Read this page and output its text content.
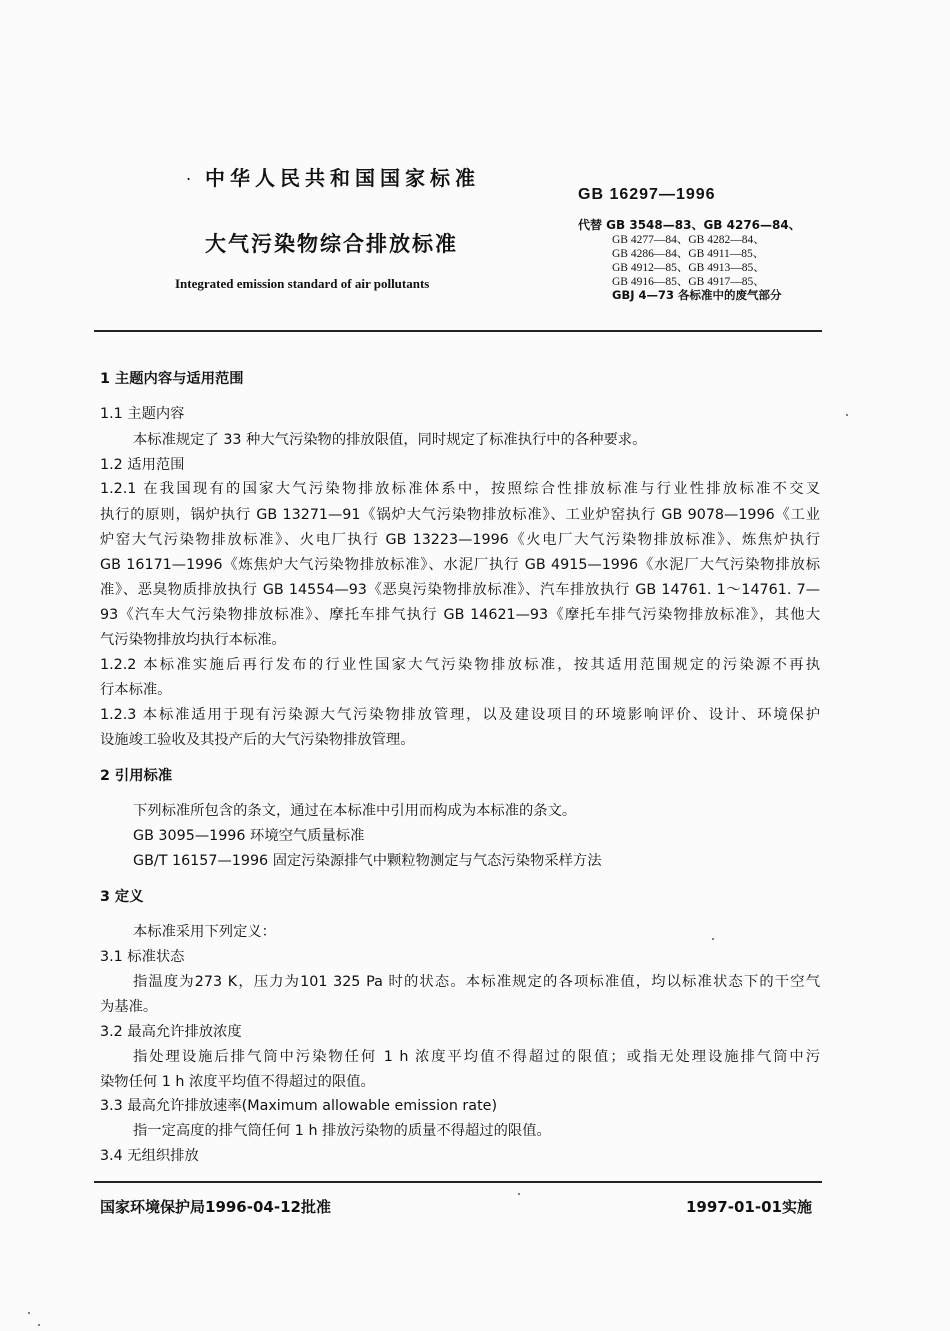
. 中华人民共和国国家标准
大气污染物综合排放标准
Integrated emission standard of air pollutants
GB 16297—1996
代替 GB 3548—83、GB 4276—84、
GB 4277—84、GB 4282—84、
GB 4286—84、GB 4911—85、
GB 4912—85、GB 4913—85、
GB 4916—85、GB 4917—85、
GBJ 4—73 各标准中的废气部分
1 主题内容与适用范围
1.1 主题内容
本标准规定了 33 种大气污染物的排放限值，同时规定了标准执行中的各种要求。
1.2 适用范围
1.2.1 在我国现有的国家大气污染物排放标准体系中，按照综合性排放标准与行业性排放标准不交叉
执行的原则，锅炉执行 GB 13271—91《锅炉大气污染物排放标准》、工业炉窑执行 GB 9078—1996《工业
炉窑大气污染物排放标准》、火电厂执行 GB 13223—1996《火电厂大气污染物排放标准》、炼焦炉执行
GB 16171—1996《炼焦炉大气污染物排放标准》、水泥厂执行 GB 4915—1996《水泥厂大气污染物排放标
准》、恶臭物质排放执行 GB 14554—93《恶臭污染物排放标准》、汽车排放执行 GB 14761. 1～14761. 7—
93《汽车大气污染物排放标准》、摩托车排气执行 GB 14621—93《摩托车排气污染物排放标准》，其他大
气污染物排放均执行本标准。
1.2.2 本标准实施后再行发布的行业性国家大气污染物排放标准，按其适用范围规定的污染源不再执
行本标准。
1.2.3 本标准适用于现有污染源大气污染物排放管理，以及建设项目的环境影响评价、设计、环境保护
设施竣工验收及其投产后的大气污染物排放管理。
2 引用标准
下列标准所包含的条文，通过在本标准中引用而构成为本标准的条文。
GB 3095—1996 环境空气质量标准
GB/T 16157—1996 固定污染源排气中颗粒物测定与气态污染物采样方法
3 定义
本标准采用下列定义：
3.1 标准状态
指温度为273 K，压力为101 325 Pa 时的状态。本标准规定的各项标准值，均以标准状态下的干空气
为基准。
3.2 最高允许排放浓度
指处理设施后排气筒中污染物任何 1 h 浓度平均值不得超过的限值；或指无处理设施排气筒中污
染物任何 1 h 浓度平均值不得超过的限值。
3.3 最高允许排放速率(Maximum allowable emission rate)
指一定高度的排气筒任何 1 h 排放污染物的质量不得超过的限值。
3.4 无组织排放
国家环境保护局1996-04-12批准	1997-01-01实施
